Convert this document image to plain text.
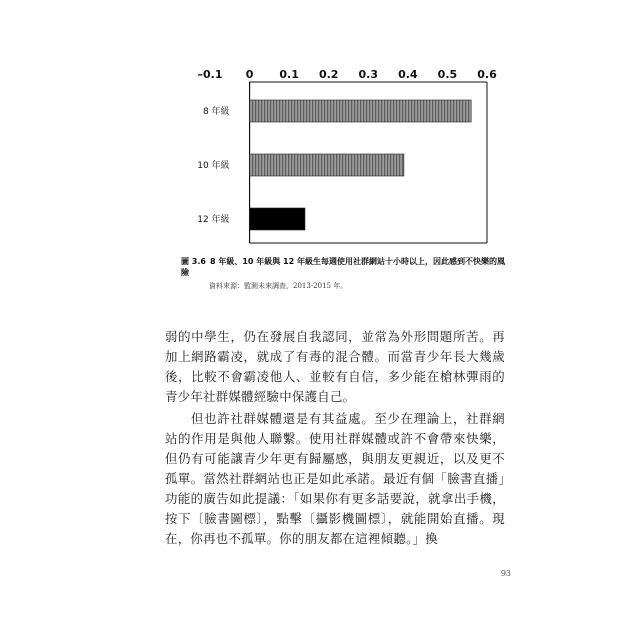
–0.1 0 0.1 0.2 0.3 0.4 0.5 0.6
8 年級
10 年級
12 年級
圖 3.6 8 年級、10 年級與 12 年級生每週使用社群網站十小時以上，因此感到不快樂的風險
資料來源：監測未來調查，2013-2015 年。

弱的中學生，仍在發展自我認同，並常為外形問題所苦。再加上網路霸凌，就成了有毒的混合體。而當青少年長大幾歲後，比較不會霸凌他人、並較有自信，多少能在槍林彈雨的青少年社群媒體經驗中保護自己。

但也許社群媒體還是有其益處。至少在理論上，社群網站的作用是與他人聯繫。使用社群媒體或許不會帶來快樂，但仍有可能讓青少年更有歸屬感，與朋友更親近，以及更不孤單。當然社群網站也正是如此承諾。最近有個「臉書直播」功能的廣告如此提議：「如果你有更多話要說，就拿出手機，按下〔臉書圖標〕，點擊〔攝影機圖標〕，就能開始直播。現在，你再也不孤單。你的朋友都在這裡傾聽。」換

93
